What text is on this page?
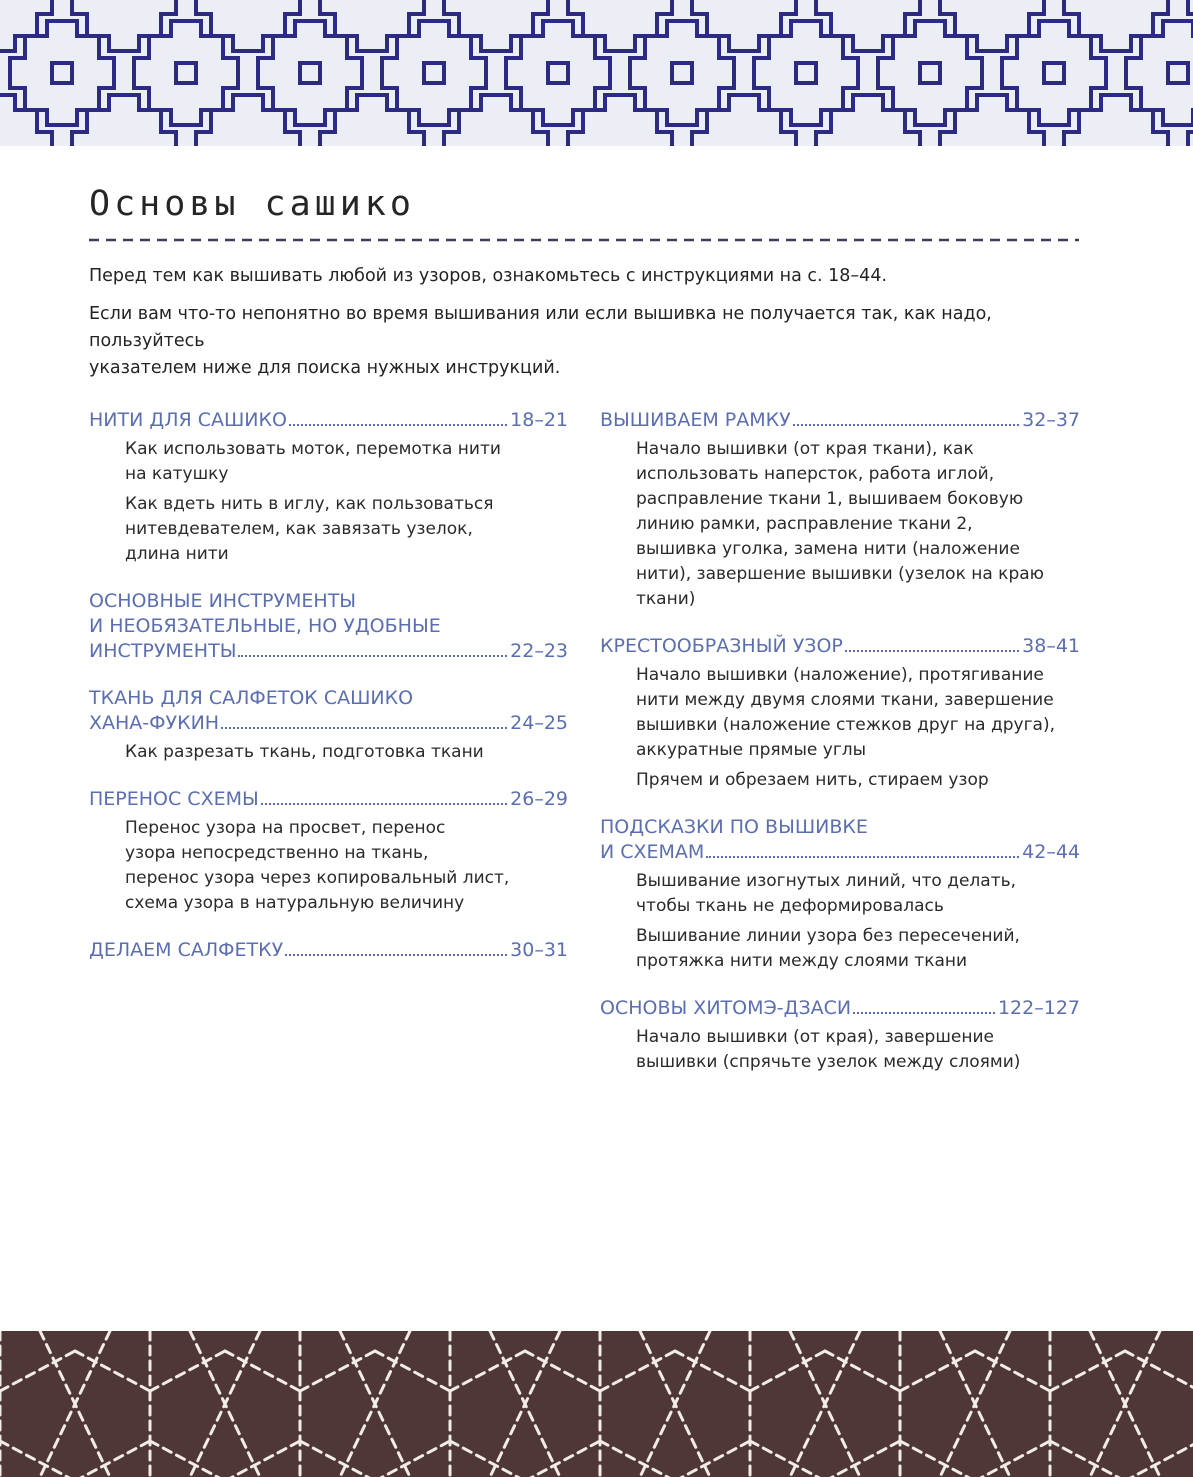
Основы сашико

Перед тем как вышивать любой из узоров, ознакомьтесь с инструкциями на с. 18–44.

Если вам что-то непонятно во время вышивания или если вышивка не получается так, как надо, пользуйтесь
указателем ниже для поиска нужных инструкций.

НИТИ ДЛЯ САШИКО	18–21
Как использовать моток, перемотка нити
на катушку
Как вдеть нить в иглу, как пользоваться
нитевдевателем, как завязать узелок,
длина нити
ОСНОВНЫЕ ИНСТРУМЕНТЫ
И НЕОБЯЗАТЕЛЬНЫЕ, НО УДОБНЫЕ
ИНСТРУМЕНТЫ	22–23
ТКАНЬ ДЛЯ САЛФЕТОК САШИКО
ХАНА-ФУКИН	24–25
Как разрезать ткань, подготовка ткани
ПЕРЕНОС СХЕМЫ	26–29
Перенос узора на просвет, перенос
узора непосредственно на ткань,
перенос узора через копировальный лист,
схема узора в натуральную величину
ДЕЛАЕМ САЛФЕТКУ	30–31
ВЫШИВАЕМ РАМКУ	32–37
Начало вышивки (от края ткани), как
использовать наперсток, работа иглой,
расправление ткани 1, вышиваем боковую
линию рамки, расправление ткани 2,
вышивка уголка, замена нити (наложение
нити), завершение вышивки (узелок на краю
ткани)
КРЕСТООБРАЗНЫЙ УЗОР	38–41
Начало вышивки (наложение), протягивание
нити между двумя слоями ткани, завершение
вышивки (наложение стежков друг на друга),
аккуратные прямые углы
Прячем и обрезаем нить, стираем узор
ПОДСКАЗКИ ПО ВЫШИВКЕ
И СХЕМАМ	42–44
Вышивание изогнутых линий, что делать,
чтобы ткань не деформировалась
Вышивание линии узора без пересечений,
протяжка нити между слоями ткани
ОСНОВЫ ХИТОМЭ-ДЗАСИ	122–127
Начало вышивки (от края), завершение
вышивки (спрячьте узелок между слоями)
